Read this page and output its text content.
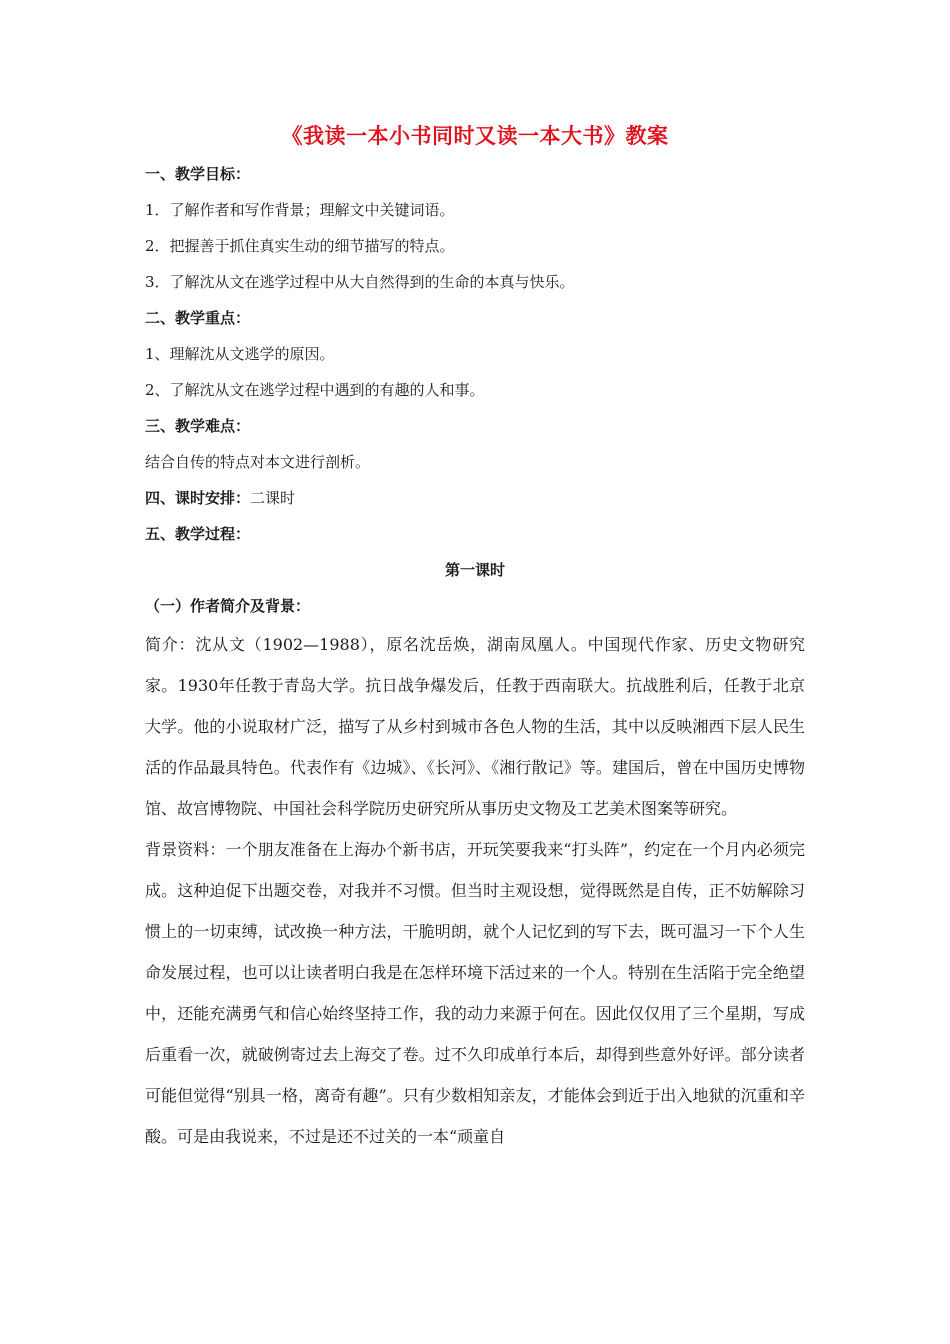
《我读一本小书同时又读一本大书》教案

一、教学目标：

1．了解作者和写作背景；理解文中关键词语。

2．把握善于抓住真实生动的细节描写的特点。

3．了解沈从文在逃学过程中从大自然得到的生命的本真与快乐。

二、教学重点：

1、理解沈从文逃学的原因。

2、了解沈从文在逃学过程中遇到的有趣的人和事。

三、教学难点：

结合自传的特点对本文进行剖析。

四、课时安排：二课时

五、教学过程：

第一课时

（一）作者简介及背景：

简介：沈从文（1902—1988），原名沈岳焕，湖南凤凰人。中国现代作家、历史文物研究家。1930年任教于青岛大学。抗日战争爆发后，任教于西南联大。抗战胜利后，任教于北京大学。他的小说取材广泛，描写了从乡村到城市各色人物的生活，其中以反映湘西下层人民生活的作品最具特色。代表作有《边城》、《长河》、《湘行散记》等。建国后，曾在中国历史博物馆、故宫博物院、中国社会科学院历史研究所从事历史文物及工艺美术图案等研究。

背景资料：一个朋友准备在上海办个新书店，开玩笑要我来“打头阵”，约定在一个月内必须完成。这种迫促下出题交卷，对我并不习惯。但当时主观设想，觉得既然是自传，正不妨解除习惯上的一切束缚，试改换一种方法，干脆明朗，就个人记忆到的写下去，既可温习一下个人生命发展过程，也可以让读者明白我是在怎样环境下活过来的一个人。特别在生活陷于完全绝望中，还能充满勇气和信心始终坚持工作，我的动力来源于何在。因此仅仅用了三个星期，写成后重看一次，就破例寄过去上海交了卷。过不久印成单行本后，却得到些意外好评。部分读者可能但觉得“别具一格，离奇有趣”。只有少数相知亲友，才能体会到近于出入地狱的沉重和辛酸。可是由我说来，不过是还不过关的一本“顽童自
